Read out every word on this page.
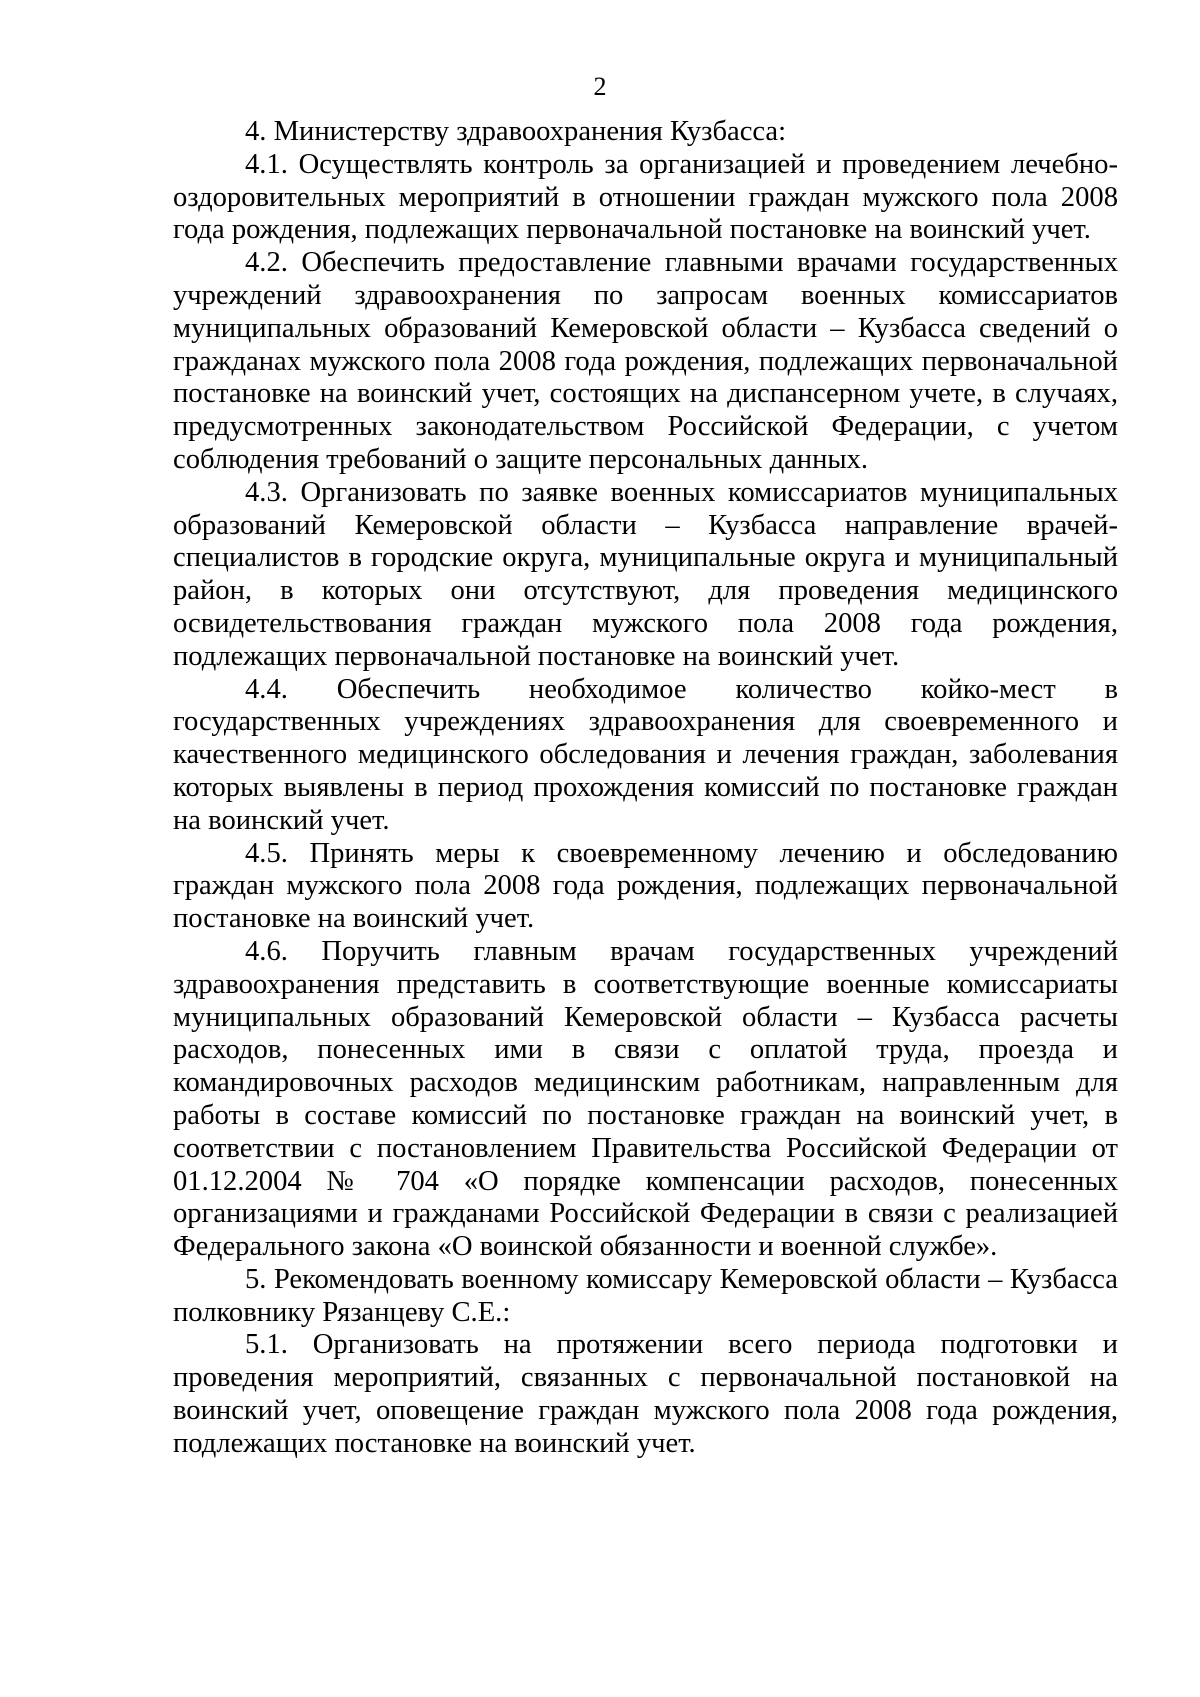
2

4. Министерству здравоохранения Кузбасса:

4.1. Осуществлять контроль за организацией и проведением лечебно-оздоровительных мероприятий в отношении граждан мужского пола 2008 года рождения, подлежащих первоначальной постановке на воинский учет.

4.2. Обеспечить предоставление главными врачами государственных учреждений здравоохранения по запросам военных комиссариатов муниципальных образований Кемеровской области – Кузбасса сведений о гражданах мужского пола 2008 года рождения, подлежащих первоначальной постановке на воинский учет, состоящих на диспансерном учете, в случаях, предусмотренных законодательством Российской Федерации, с учетом соблюдения требований о защите персональных данных.

4.3. Организовать по заявке военных комиссариатов муниципальных образований Кемеровской области – Кузбасса направление врачей-специалистов в городские округа, муниципальные округа и муниципальный район, в которых они отсутствуют, для проведения медицинского освидетельствования граждан мужского пола 2008 года рождения, подлежащих первоначальной постановке на воинский учет.

4.4. Обеспечить необходимое количество койко-мест в государственных учреждениях здравоохранения для своевременного и качественного медицинского обследования и лечения граждан, заболевания которых выявлены в период прохождения комиссий по постановке граждан на воинский учет.

4.5. Принять меры к своевременному лечению и обследованию граждан мужского пола 2008 года рождения, подлежащих первоначальной постановке на воинский учет.

4.6. Поручить главным врачам государственных учреждений здравоохранения представить в соответствующие военные комиссариаты муниципальных образований Кемеровской области – Кузбасса расчеты расходов, понесенных ими в связи с оплатой труда, проезда и командировочных расходов медицинским работникам, направленным для работы в составе комиссий по постановке граждан на воинский учет, в соответствии с постановлением Правительства Российской Федерации от 01.12.2004 № 704 «О порядке компенсации расходов, понесенных организациями и гражданами Российской Федерации в связи с реализацией Федерального закона «О воинской обязанности и военной службе».

5. Рекомендовать военному комиссару Кемеровской области – Кузбасса полковнику Рязанцеву С.Е.:

5.1. Организовать на протяжении всего периода подготовки и проведения мероприятий, связанных с первоначальной постановкой на воинский учет, оповещение граждан мужского пола 2008 года рождения, подлежащих постановке на воинский учет.
